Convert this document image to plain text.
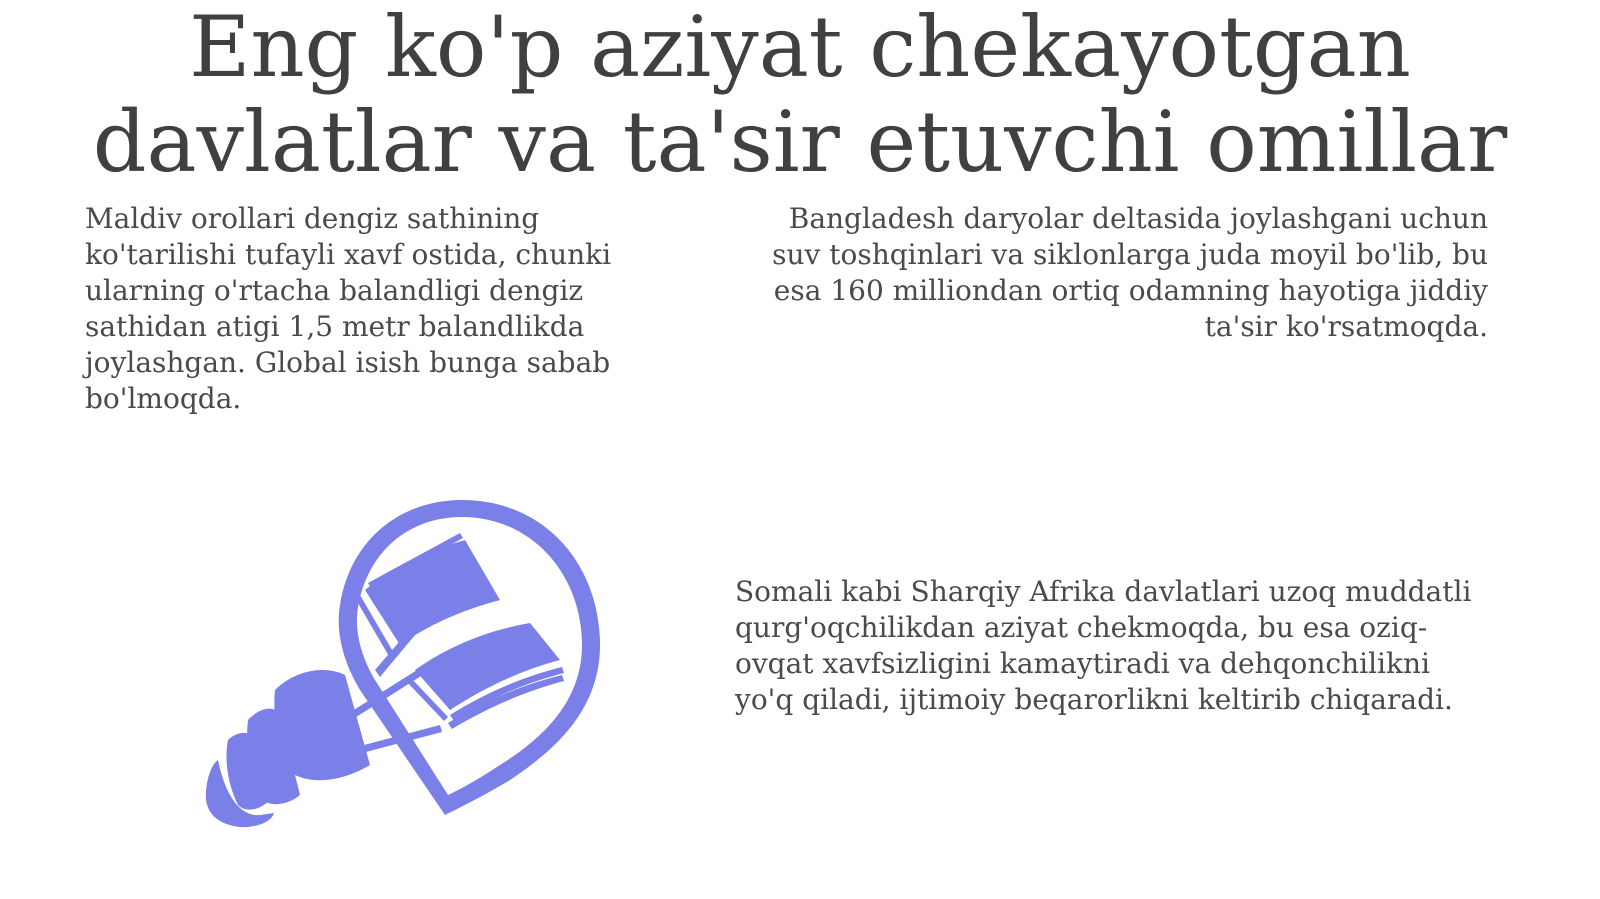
Eng ko'p aziyat chekayotgan
davlatlar va ta'sir etuvchi omillar

Maldiv orollari dengiz sathining ko'tarilishi tufayli xavf ostida, chunki ularning o'rtacha balandligi dengiz sathidan atigi 1,5 metr balandlikda joylashgan. Global isish bunga sabab bo'lmoqda.

Bangladesh daryolar deltasida joylashgani uchun suv toshqinlari va siklonlarga juda moyil bo'lib, bu esa 160 milliondan ortiq odamning hayotiga jiddiy ta'sir ko'rsatmoqda.

Somali kabi Sharqiy Afrika davlatlari uzoq muddatli qurg'oqchilikdan aziyat chekmoqda, bu esa oziq-ovqat xavfsizligini kamaytiradi va dehqonchilikni yo'q qiladi, ijtimoiy beqarorlikni keltirib chiqaradi.
